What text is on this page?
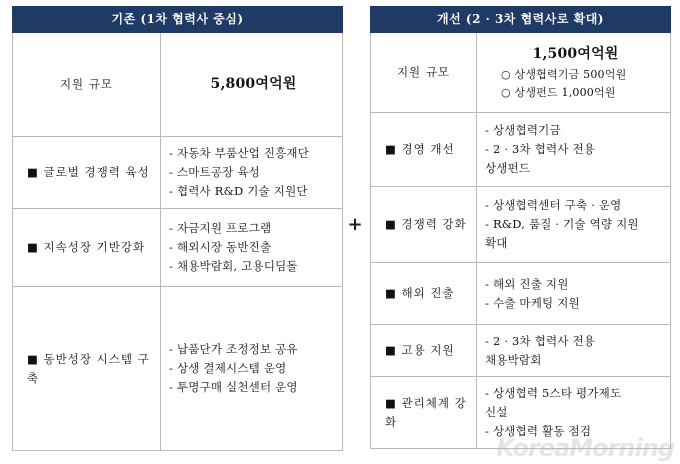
기존 (1차 협력사 중심)	
지원 규모	5,800여억원
■ 글로벌 경쟁력 육성	- 자동차 부품산업 진흥재단
- 스마트공장 육성
- 협력사 R&D 기술 지원단

■ 지속성장 기반강화	- 자금지원 프로그램
- 해외시장 동반진출
- 채용박람회, 고용디딤돌

■ 동반성장 시스템 구축	- 납품단가 조정정보 공유
- 상생 결제시스템 운영
- 투명구매 실천센터 운영
+
개선 (2 · 3차 협력사로 확대)	
지원 규모	1,500여억원
○ 상생협력기금 500억원
○ 상생펀드 1,000억원

■ 경영 개선	- 상생협력기금
- 2 · 3차 협력사 전용
상생펀드

■ 경쟁력 강화	- 상생협력센터 구축 · 운영
- R&D, 품질 · 기술 역량 지원
확대

■ 해외 진출	- 해외 진출 지원
- 수출 마케팅 지원

■ 고용 지원	- 2 · 3차 협력사 전용
채용박람회

■ 관리체계 강화	- 상생협력 5스타 평가제도
신설
- 상생협력 활동 점검
KoreaMorning
